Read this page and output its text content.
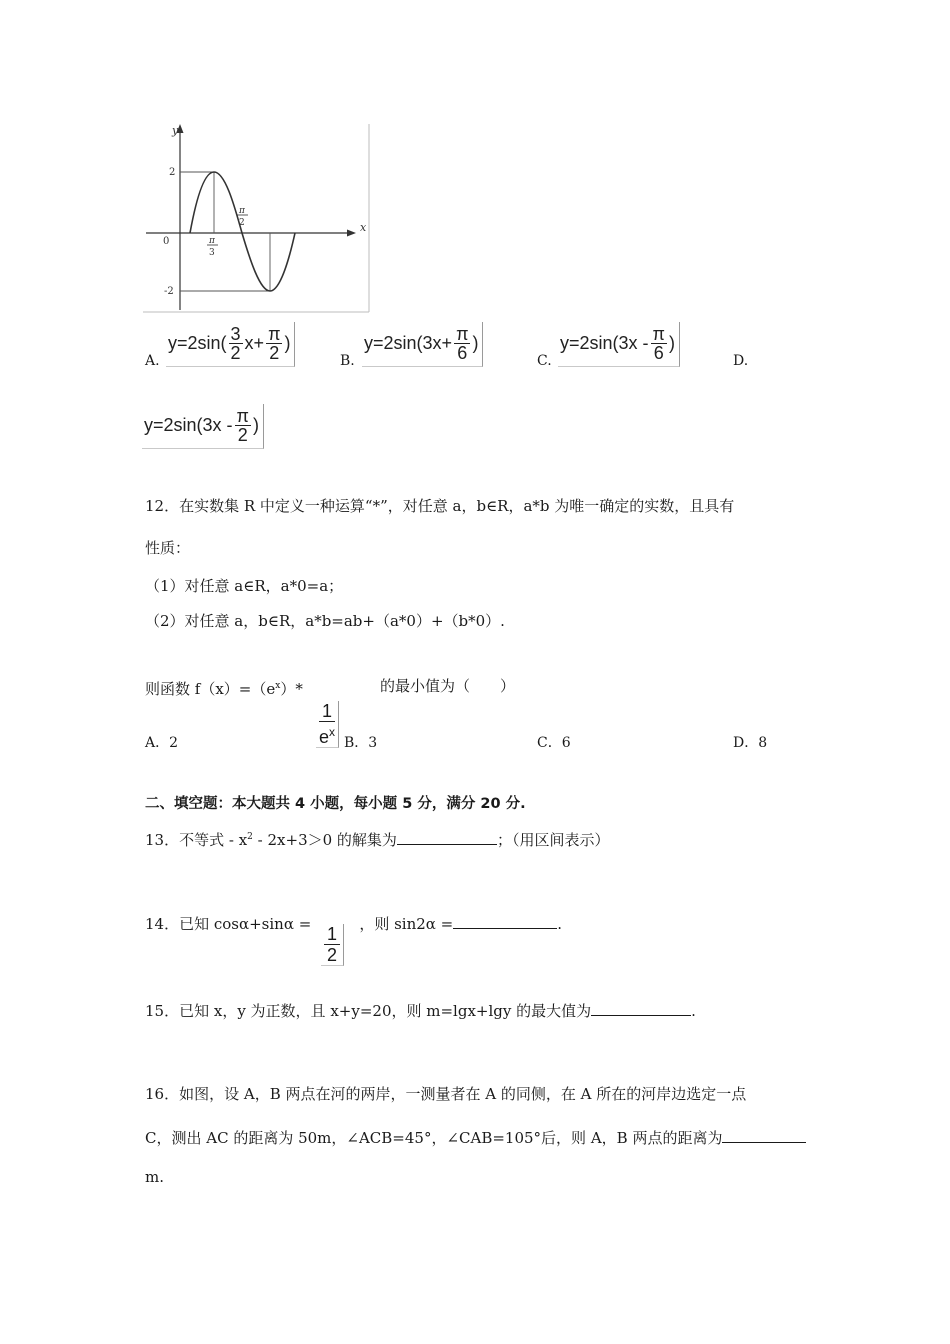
y
x
0
2
-2
π
3
π
2
A.
$y=2\sin( \frac{3}{2} x+ \frac{\pi}{2}$ )
B.
$y=2\sin(3x+ \frac{\pi}{6}$ )
C.
$y=2\sin(3x - \frac{\pi}{6}$ )
D.
$y=2\sin(3x - \frac{\pi}{2}$ )
12．在实数集 R 中定义一种运算“*”，对任意 a，b∈R，a*b 为唯一确定的实数，且具有
性质：
（1）对任意 a∈R，a*0=a；
（2）对任意 a，b∈R，a*b=ab+（a*0）+（b*0）.
则函数 $f(x)=(e^x)*$	的最小值为（　　）
$\frac{1}{e^x}$
A．2	B．3	C．6	D．8
二、填空题：本大题共 4 小题，每小题 5 分，满分 20 分.
13．不等式 - $x^2 - 2x+3>0$ 的解集为	；（用区间表示）
14．已知 cosα+sinα =	，则 sin2α =	.
$\frac{1}{2}$
15．已知 x，y 为正数，且 x+y=20，则 m=lgx+lgy 的最大值为	.
16．如图，设 A，B 两点在河的两岸，一测量者在 A 的同侧，在 A 所在的河岸边选定一点
C，测出 AC 的距离为 50m，∠ACB=45°，∠CAB=105°后，则 A，B 两点的距离为
m.
